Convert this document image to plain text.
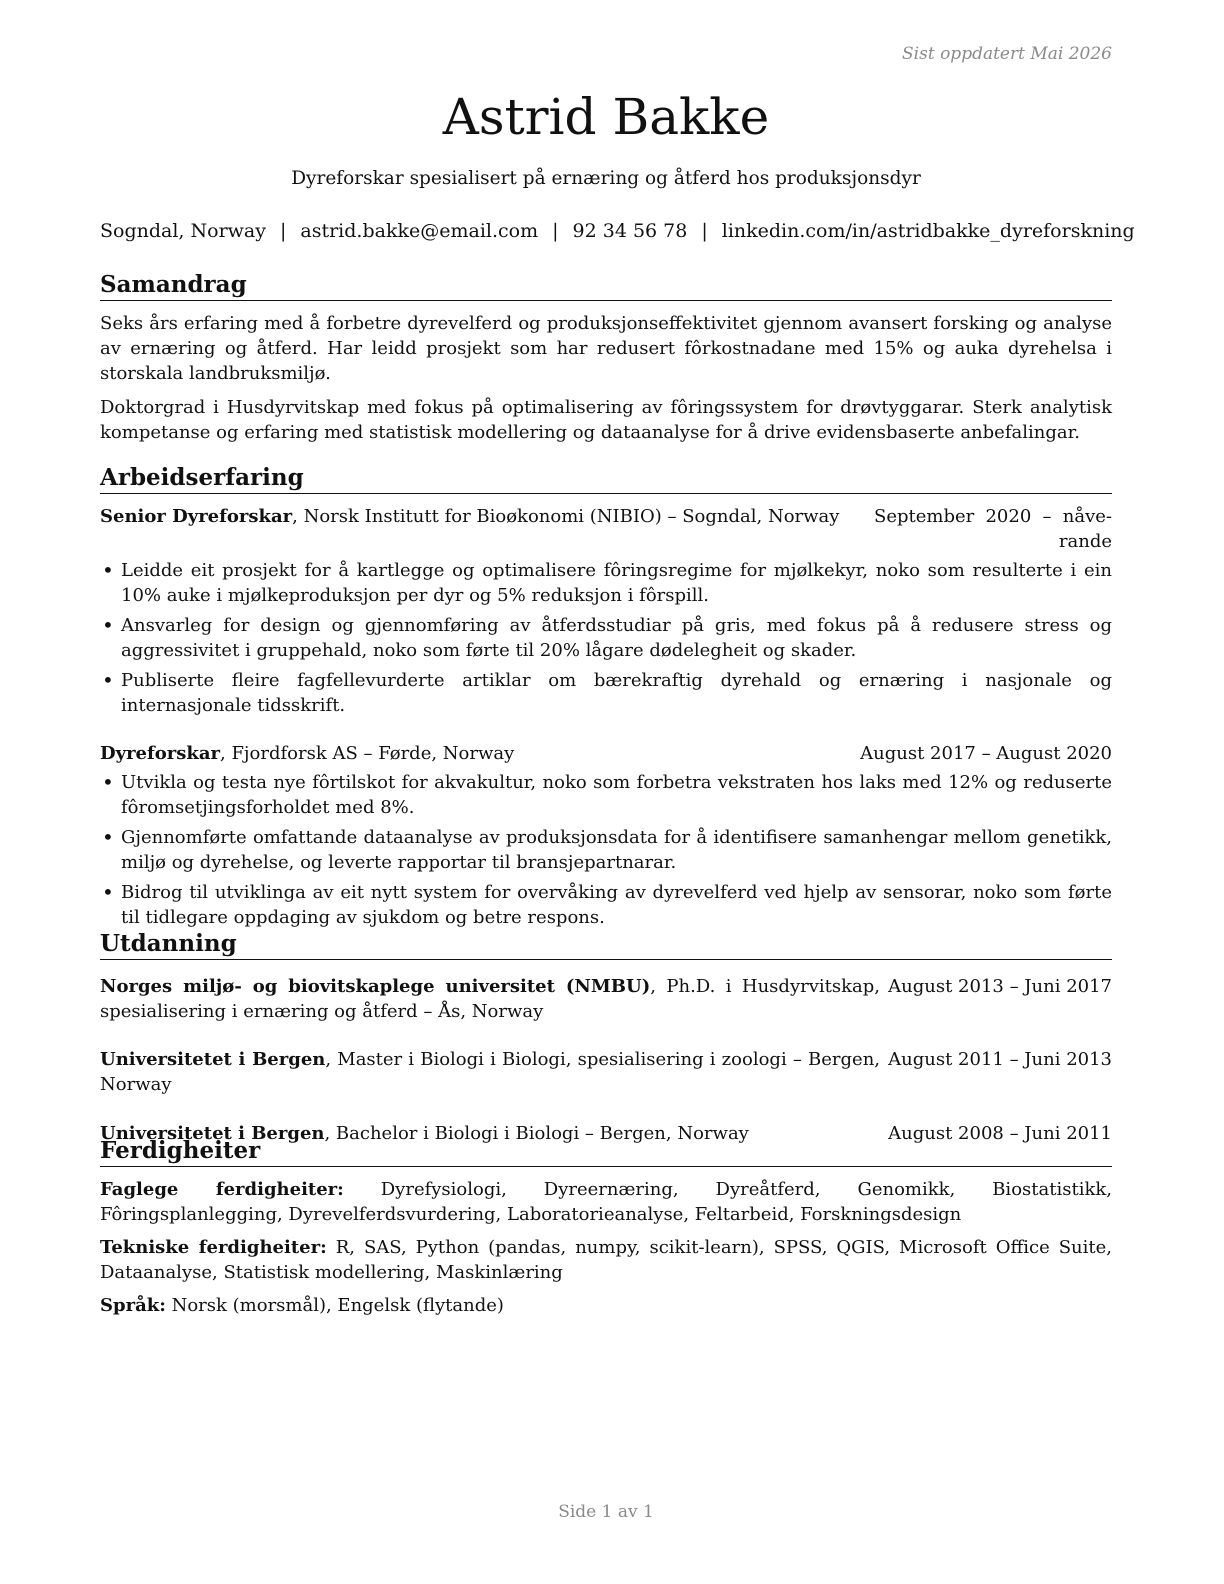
Sist oppdatert Mai 2026
Astrid Bakke
Dyreforskar spesialisert på ernæring og åtferd hos produksjonsdyr
Sogndal, Norway | astrid.bakke@email.com | 92 34 56 78 | linkedin.com/in/astridbakke_dyreforskning
Samandrag

Seks års erfaring med å forbetre dyrevelferd og produksjonseffektivitet gjennom avansert forsking og analyse av ernæring og åtferd. Har leidd prosjekt som har redusert fôrkostnadane med 15% og auka dyrehelsa i storskala landbruksmiljø.

Doktorgrad i Husdyrvitskap med fokus på optimalisering av fôringssystem for drøvtyggarar. Sterk analytisk kompetanse og erfaring med statistisk modellering og dataanalyse for å drive evidensbaserte anbefalingar.

Arbeidserfaring
Senior Dyreforskar, Norsk Institutt for Bioøkonomi (NIBIO) – Sogndal, Norway	September 2020 – nåverande
• Leidde eit prosjekt for å kartlegge og optimalisere fôringsregime for mjølkekyr, noko som resulterte i ein 10% auke i mjølkeproduksjon per dyr og 5% reduksjon i fôrspill.
• Ansvarleg for design og gjennomføring av åtferdsstudiar på gris, med fokus på å redusere stress og aggressivitet i gruppehald, noko som førte til 20% lågare dødelegheit og skader.
• Publiserte fleire fagfellevurderte artiklar om bærekraftig dyrehald og ernæring i nasjonale og internasjonale tidsskrift.
Dyreforskar, Fjordforsk AS – Førde, Norway	August 2017 – August 2020
• Utvikla og testa nye fôrtilskot for akvakultur, noko som forbetra vekstraten hos laks med 12% og reduserte fôromsetjingsforholdet med 8%.
• Gjennomførte omfattande dataanalyse av produksjonsdata for å identifisere samanhengar mellom genetikk, miljø og dyrehelse, og leverte rapportar til bransjepartnarar.
• Bidrog til utviklinga av eit nytt system for overvåking av dyrevelferd ved hjelp av sensorar, noko som førte til tidlegare oppdaging av sjukdom og betre respons.
Utdanning
Norges miljø- og biovitskaplege universitet (NMBU), Ph.D. i Husdyrvitskap, spesialisering i ernæring og åtferd – Ås, Norway
August 2013 – Juni 2017
Universitetet i Bergen, Master i Biologi i Biologi, spesialisering i zoologi – Bergen, Norway
August 2011 – Juni 2013
Universitetet i Bergen, Bachelor i Biologi i Biologi – Bergen, Norway	August 2008 – Juni 2011
Ferdigheiter
Faglege ferdigheiter: Dyrefysiologi, Dyreernæring, Dyreåtferd, Genomikk, Biostatistikk, Fôringsplanlegging, Dyrevelferdsvurdering, Laboratorieanalyse, Feltarbeid, Forskningsdesign
Tekniske ferdigheiter: R, SAS, Python (pandas, numpy, scikit-learn), SPSS, QGIS, Microsoft Office Suite, Dataanalyse, Statistisk modellering, Maskinlæring
Språk: Norsk (morsmål), Engelsk (flytande)
Side 1 av 1
